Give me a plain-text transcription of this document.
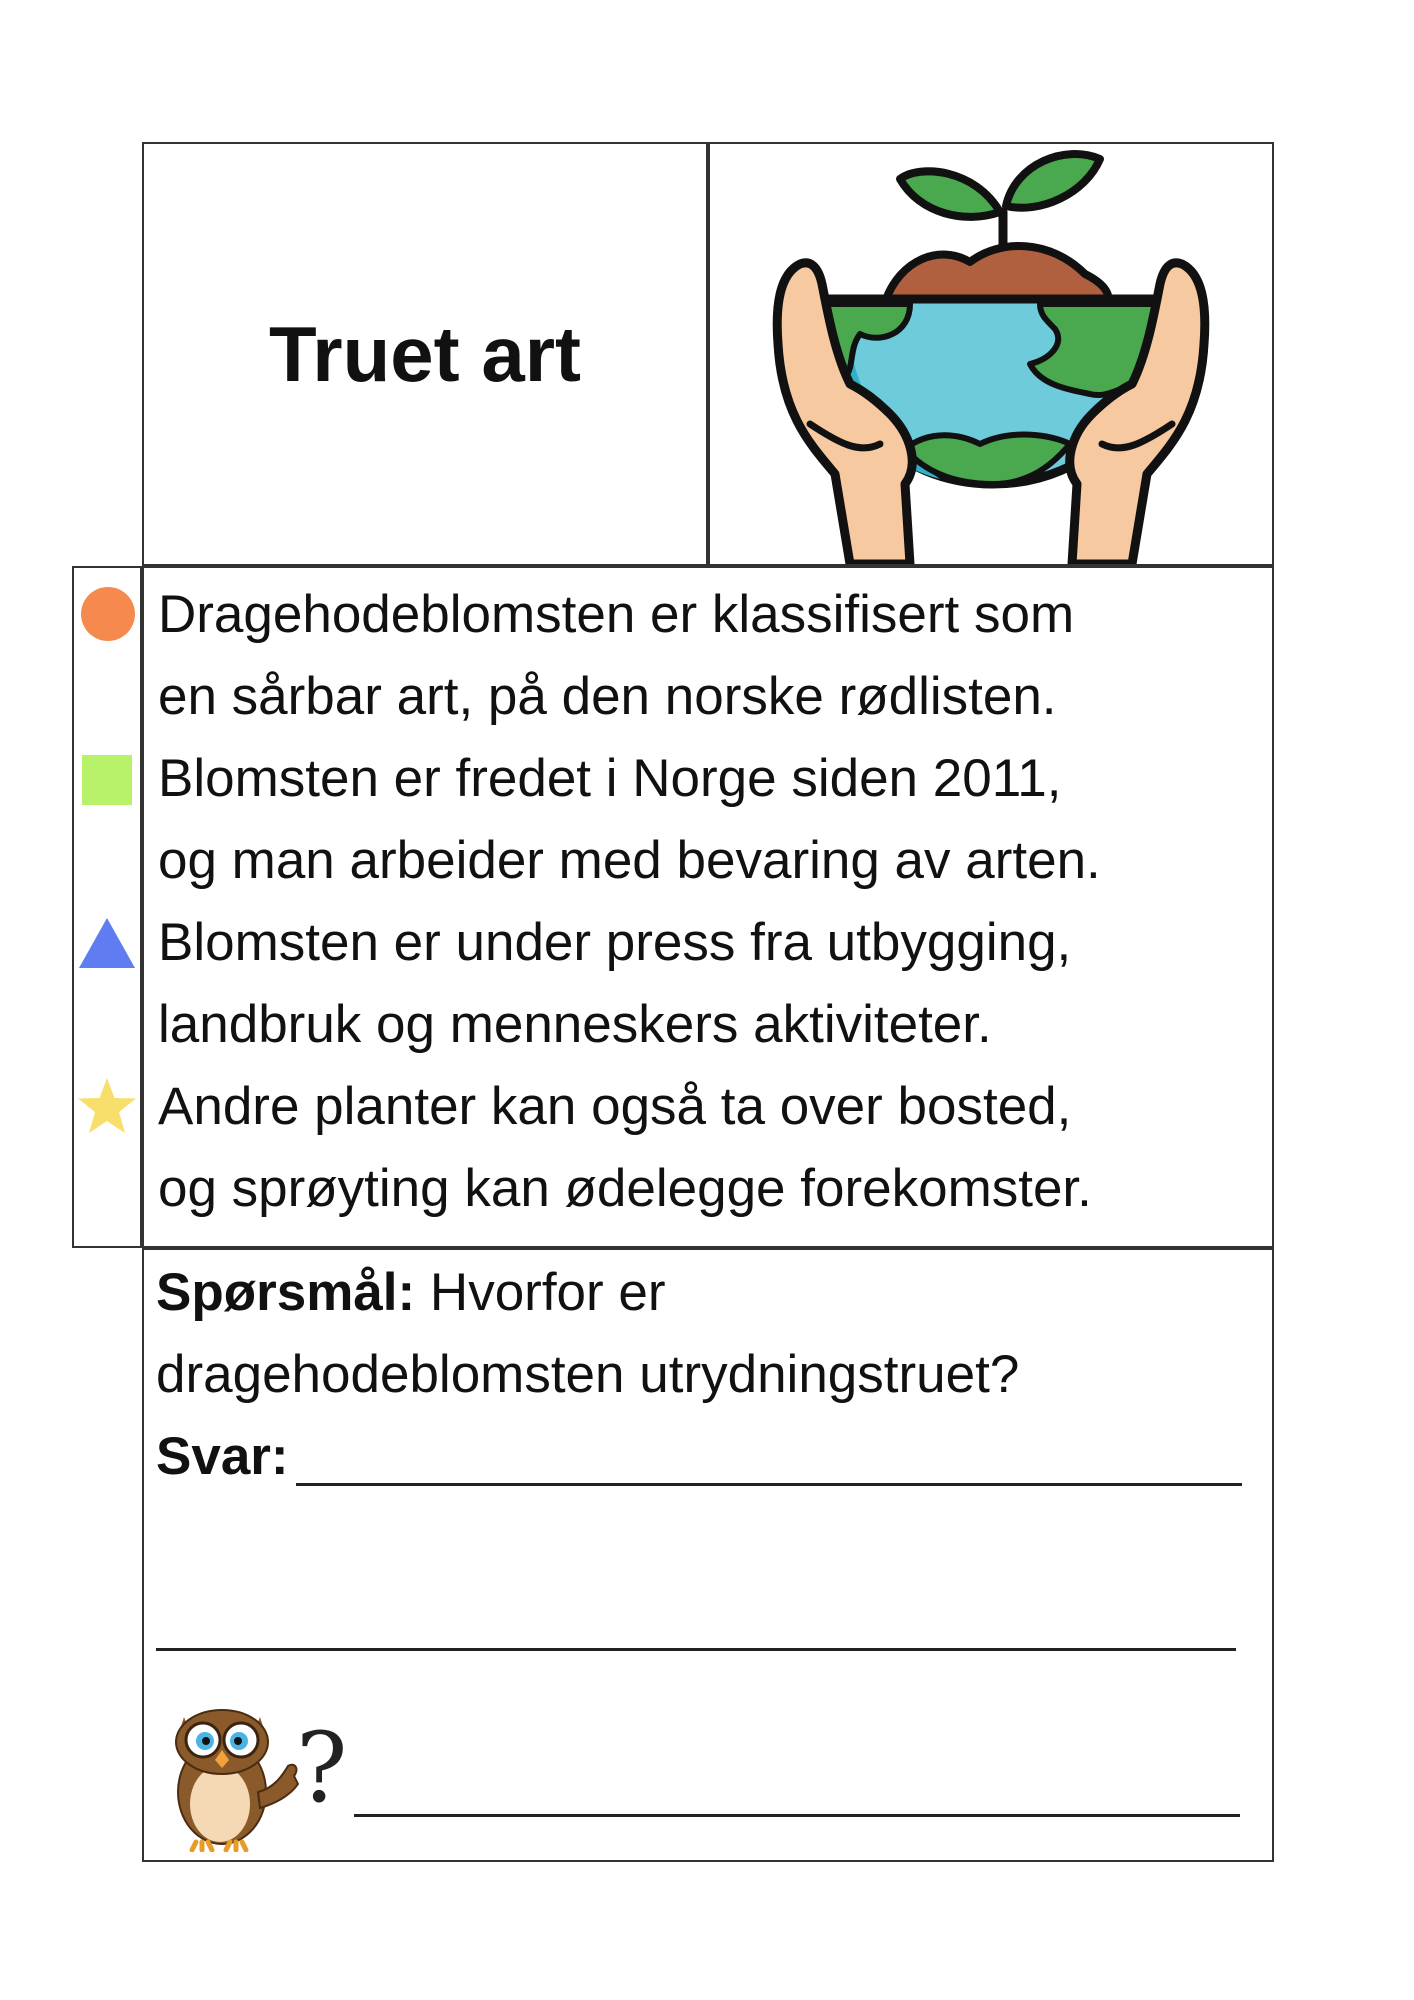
Truet art
Dragehodeblomsten er klassifisert som
en sårbar art, på den norske rødlisten.
Blomsten er fredet i Norge siden 2011,
og man arbeider med bevaring av arten.
Blomsten er under press fra utbygging,
landbruk og menneskers aktiviteter.
Andre planter kan også ta over bosted,
og sprøyting kan ødelegge forekomster.
Spørsmål: Hvorfor er
dragehodeblomsten utrydningstruet?
Svar:
?
